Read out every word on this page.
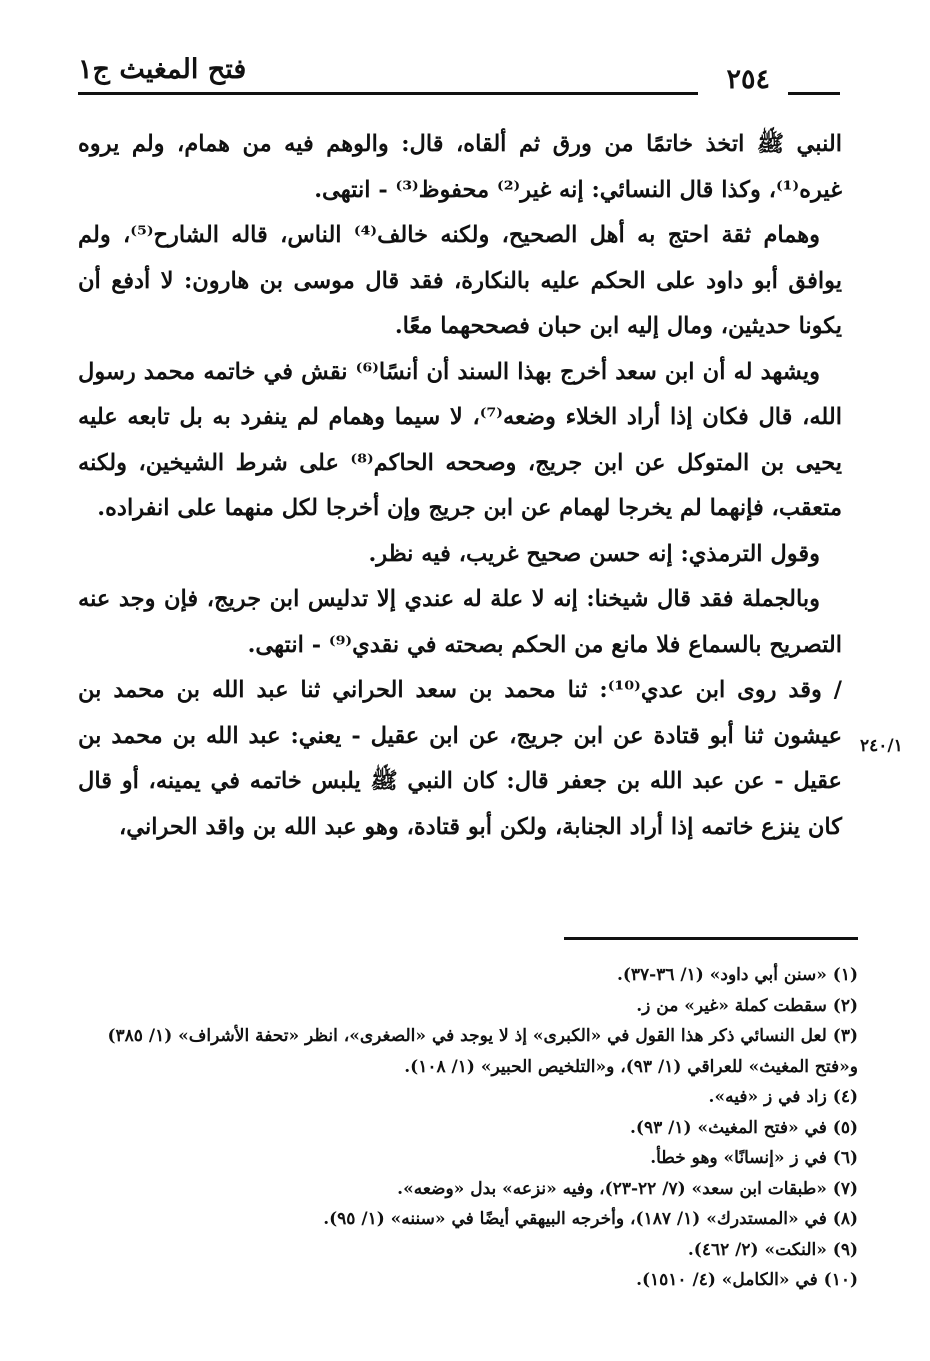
فتح المغيث ج١	٢٥٤
٢٤٠/١

النبي ﷺ اتخذ خاتمًا من ورق ثم ألقاه، قال: والوهم فيه من همام، ولم يروه غيره⁽¹⁾، وكذا قال النسائي: إنه غير⁽²⁾ محفوظ⁽³⁾ - انتهى.

وهمام ثقة احتج به أهل الصحيح، ولكنه خالف⁽⁴⁾ الناس، قاله الشارح⁽⁵⁾، ولم يوافق أبو داود على الحكم عليه بالنكارة، فقد قال موسى بن هارون: لا أدفع أن يكونا حديثين، ومال إليه ابن حبان فصححهما معًا.

ويشهد له أن ابن سعد أخرج بهذا السند أن أنسًا⁽⁶⁾ نقش في خاتمه محمد رسول الله، قال فكان إذا أراد الخلاء وضعه⁽⁷⁾، لا سيما وهمام لم ينفرد به بل تابعه عليه يحيى بن المتوكل عن ابن جريج، وصححه الحاكم⁽⁸⁾ على شرط الشيخين، ولكنه متعقب، فإنهما لم يخرجا لهمام عن ابن جريج وإن أخرجا لكل منهما على انفراده.

وقول الترمذي: إنه حسن صحيح غريب، فيه نظر.

وبالجملة فقد قال شيخنا: إنه لا علة له عندي إلا تدليس ابن جريج، فإن وجد عنه التصريح بالسماع فلا مانع من الحكم بصحته في نقدي⁽⁹⁾ - انتهى.

/ وقد روى ابن عدي⁽¹⁰⁾: ثنا محمد بن سعد الحراني ثنا عبد الله بن محمد بن عيشون ثنا أبو قتادة عن ابن جريج، عن ابن عقيل - يعني: عبد الله بن محمد بن عقيل - عن عبد الله بن جعفر قال: كان النبي ﷺ يلبس خاتمه في يمينه، أو قال كان ينزع خاتمه إذا أراد الجنابة، ولكن أبو قتادة، وهو عبد الله بن واقد الحراني،

(١) «سنن أبي داود» (١/ ٣٦-٣٧).

(٢) سقطت كملة «غير» من ز.

(٣) لعل النسائي ذكر هذا القول في «الكبرى» إذ لا يوجد في «الصغرى»، انظر «تحفة الأشراف» (١/ ٣٨٥) و«فتح المغيث» للعراقي (١/ ٩٣)، و«التلخيص الحبير» (١/ ١٠٨).

(٤) زاد في ز «فيه».

(٥) في «فتح المغيث» (١/ ٩٣).

(٦) في ز «إنسانًا» وهو خطأ.

(٧) «طبقات ابن سعد» (٧/ ٢٢-٢٣)، وفيه «نزعه» بدل «وضعه».

(٨) في «المستدرك» (١/ ١٨٧)، وأخرجه البيهقي أيضًا في «سننه» (١/ ٩٥).

(٩) «النكت» (٢/ ٤٦٢).

(١٠) في «الكامل» (٤/ ١٥١٠).
